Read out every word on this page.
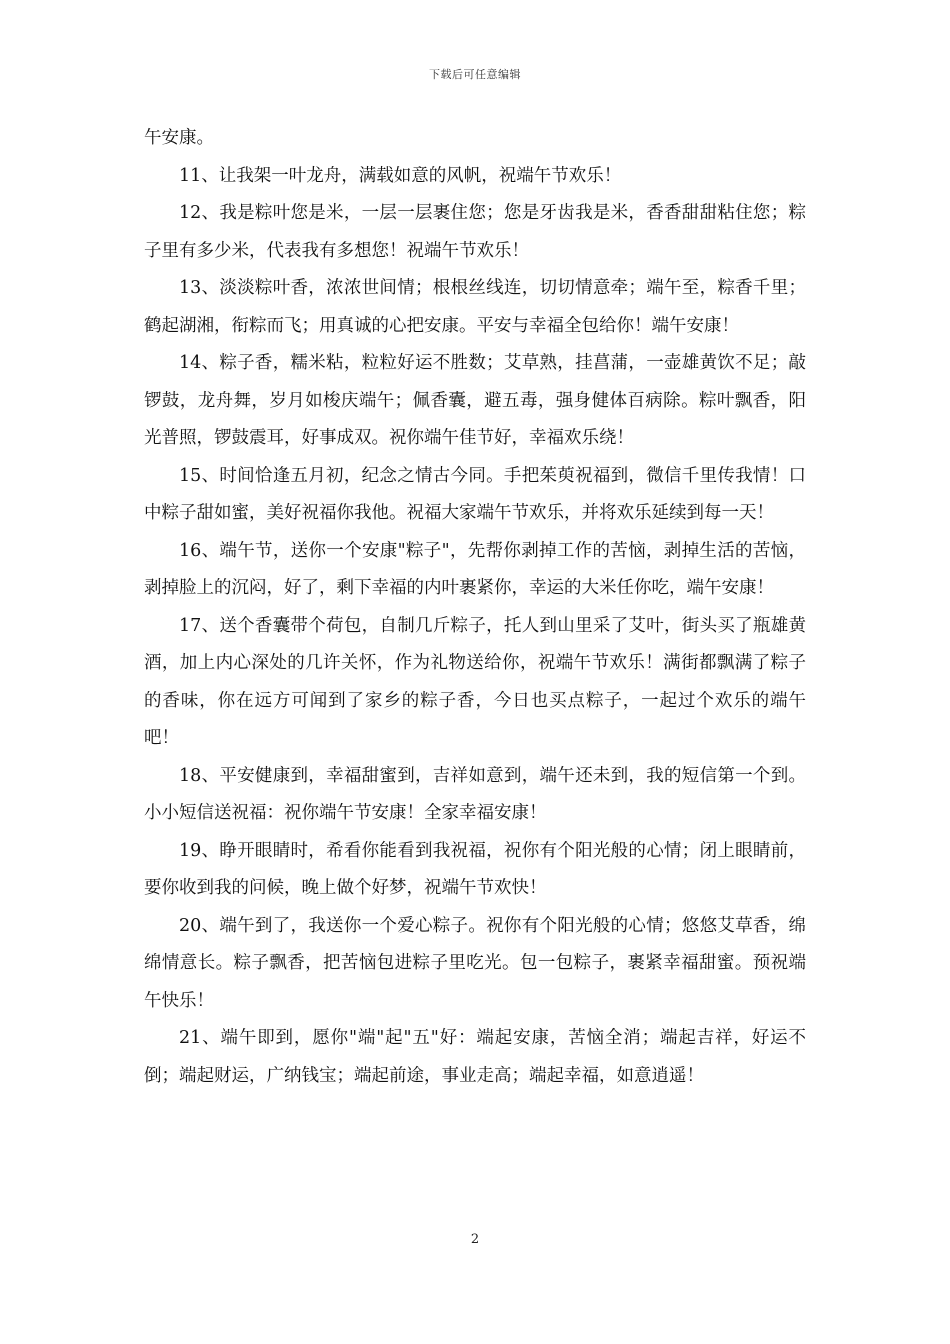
下载后可任意编辑

午安康。

11、让我架一叶龙舟，满载如意的风帆，祝端午节欢乐！

12、我是粽叶您是米，一层一层裹住您；您是牙齿我是米，香香甜甜粘住您；粽子里有多少米，代表我有多想您！祝端午节欢乐！

13、淡淡粽叶香，浓浓世间情；根根丝线连，切切情意牵；端午至，粽香千里；鹤起湖湘，衔粽而飞；用真诚的心把安康。平安与幸福全包给你！端午安康！

14、粽子香，糯米粘，粒粒好运不胜数；艾草熟，挂菖蒲，一壶雄黄饮不足；敲锣鼓，龙舟舞，岁月如梭庆端午；佩香囊，避五毒，强身健体百病除。粽叶飘香，阳光普照，锣鼓震耳，好事成双。祝你端午佳节好，幸福欢乐绕！

15、时间恰逢五月初，纪念之情古今同。手把茱萸祝福到，微信千里传我情！口中粽子甜如蜜，美好祝福你我他。祝福大家端午节欢乐，并将欢乐延续到每一天！

16、端午节，送你一个安康"粽子"，先帮你剥掉工作的苦恼，剥掉生活的苦恼，剥掉脸上的沉闷，好了，剩下幸福的内叶裹紧你，幸运的大米任你吃，端午安康！

17、送个香囊带个荷包，自制几斤粽子，托人到山里采了艾叶，街头买了瓶雄黄酒，加上内心深处的几许关怀，作为礼物送给你，祝端午节欢乐！满街都飘满了粽子的香味，你在远方可闻到了家乡的粽子香，今日也买点粽子，一起过个欢乐的端午吧！

18、平安健康到，幸福甜蜜到，吉祥如意到，端午还未到，我的短信第一个到。小小短信送祝福：祝你端午节安康！全家幸福安康！

19、睁开眼睛时，希看你能看到我祝福，祝你有个阳光般的心情；闭上眼睛前，要你收到我的问候，晚上做个好梦，祝端午节欢快！

20、端午到了，我送你一个爱心粽子。祝你有个阳光般的心情；悠悠艾草香，绵绵情意长。粽子飘香，把苦恼包进粽子里吃光。包一包粽子，裹紧幸福甜蜜。预祝端午快乐！

21、端午即到，愿你"端"起"五"好：端起安康，苦恼全消；端起吉祥，好运不倒；端起财运，广纳钱宝；端起前途，事业走高；端起幸福，如意逍遥！

2
